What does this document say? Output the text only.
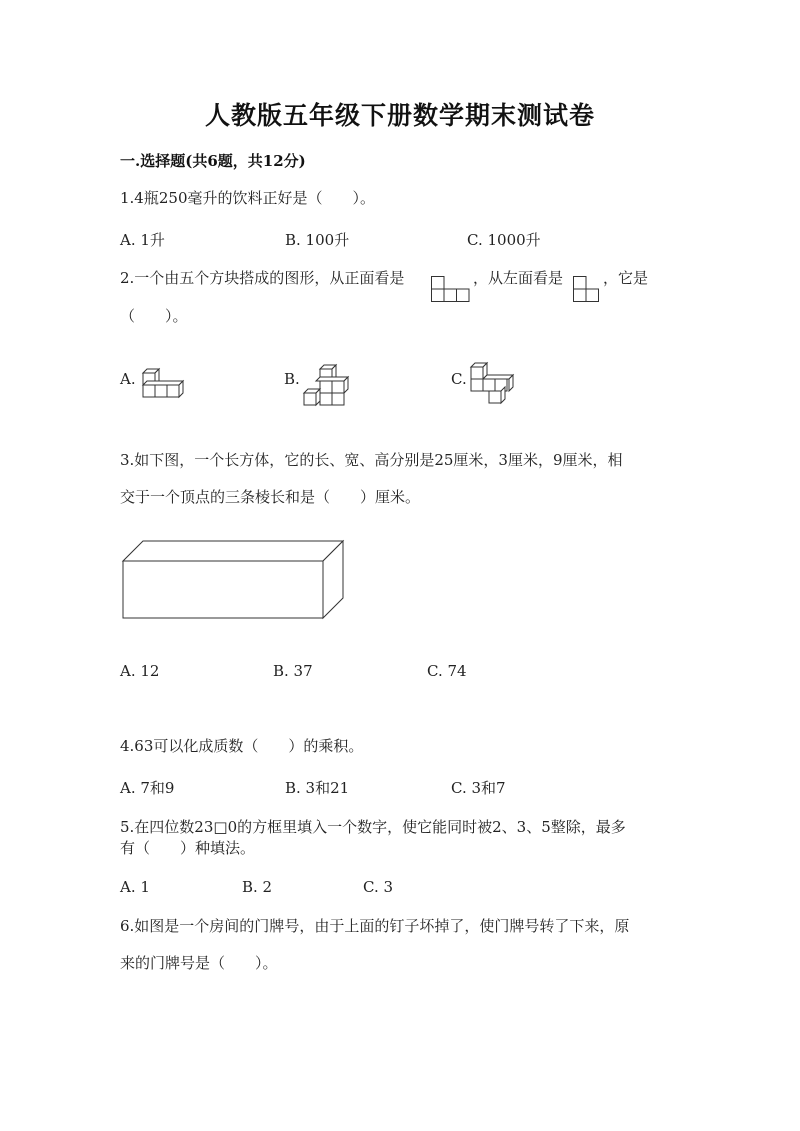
人教版五年级下册数学期末测试卷
一.选择题(共6题，共12分)
1.4瓶250毫升的饮料正好是（　　）。
A. 1升	B. 100升	C. 1000升
2.一个由五个方块搭成的图形，从正面看是	，从左面看是	，它是
（　　）。
A.	B.	C.
3.如下图，一个长方体，它的长、宽、高分别是25厘米，3厘米，9厘米，相
交于一个顶点的三条棱长和是（　　）厘米。
A. 12	B. 37	C. 74
4.63可以化成质数（　　）的乘积。
A. 7和9	B. 3和21	C. 3和7
5.在四位数23□0的方框里填入一个数字，使它能同时被2、3、5整除，最多
有（　　）种填法。
A. 1	B. 2	C. 3
6.如图是一个房间的门牌号，由于上面的钉子坏掉了，使门牌号转了下来，原
来的门牌号是（　　）。
